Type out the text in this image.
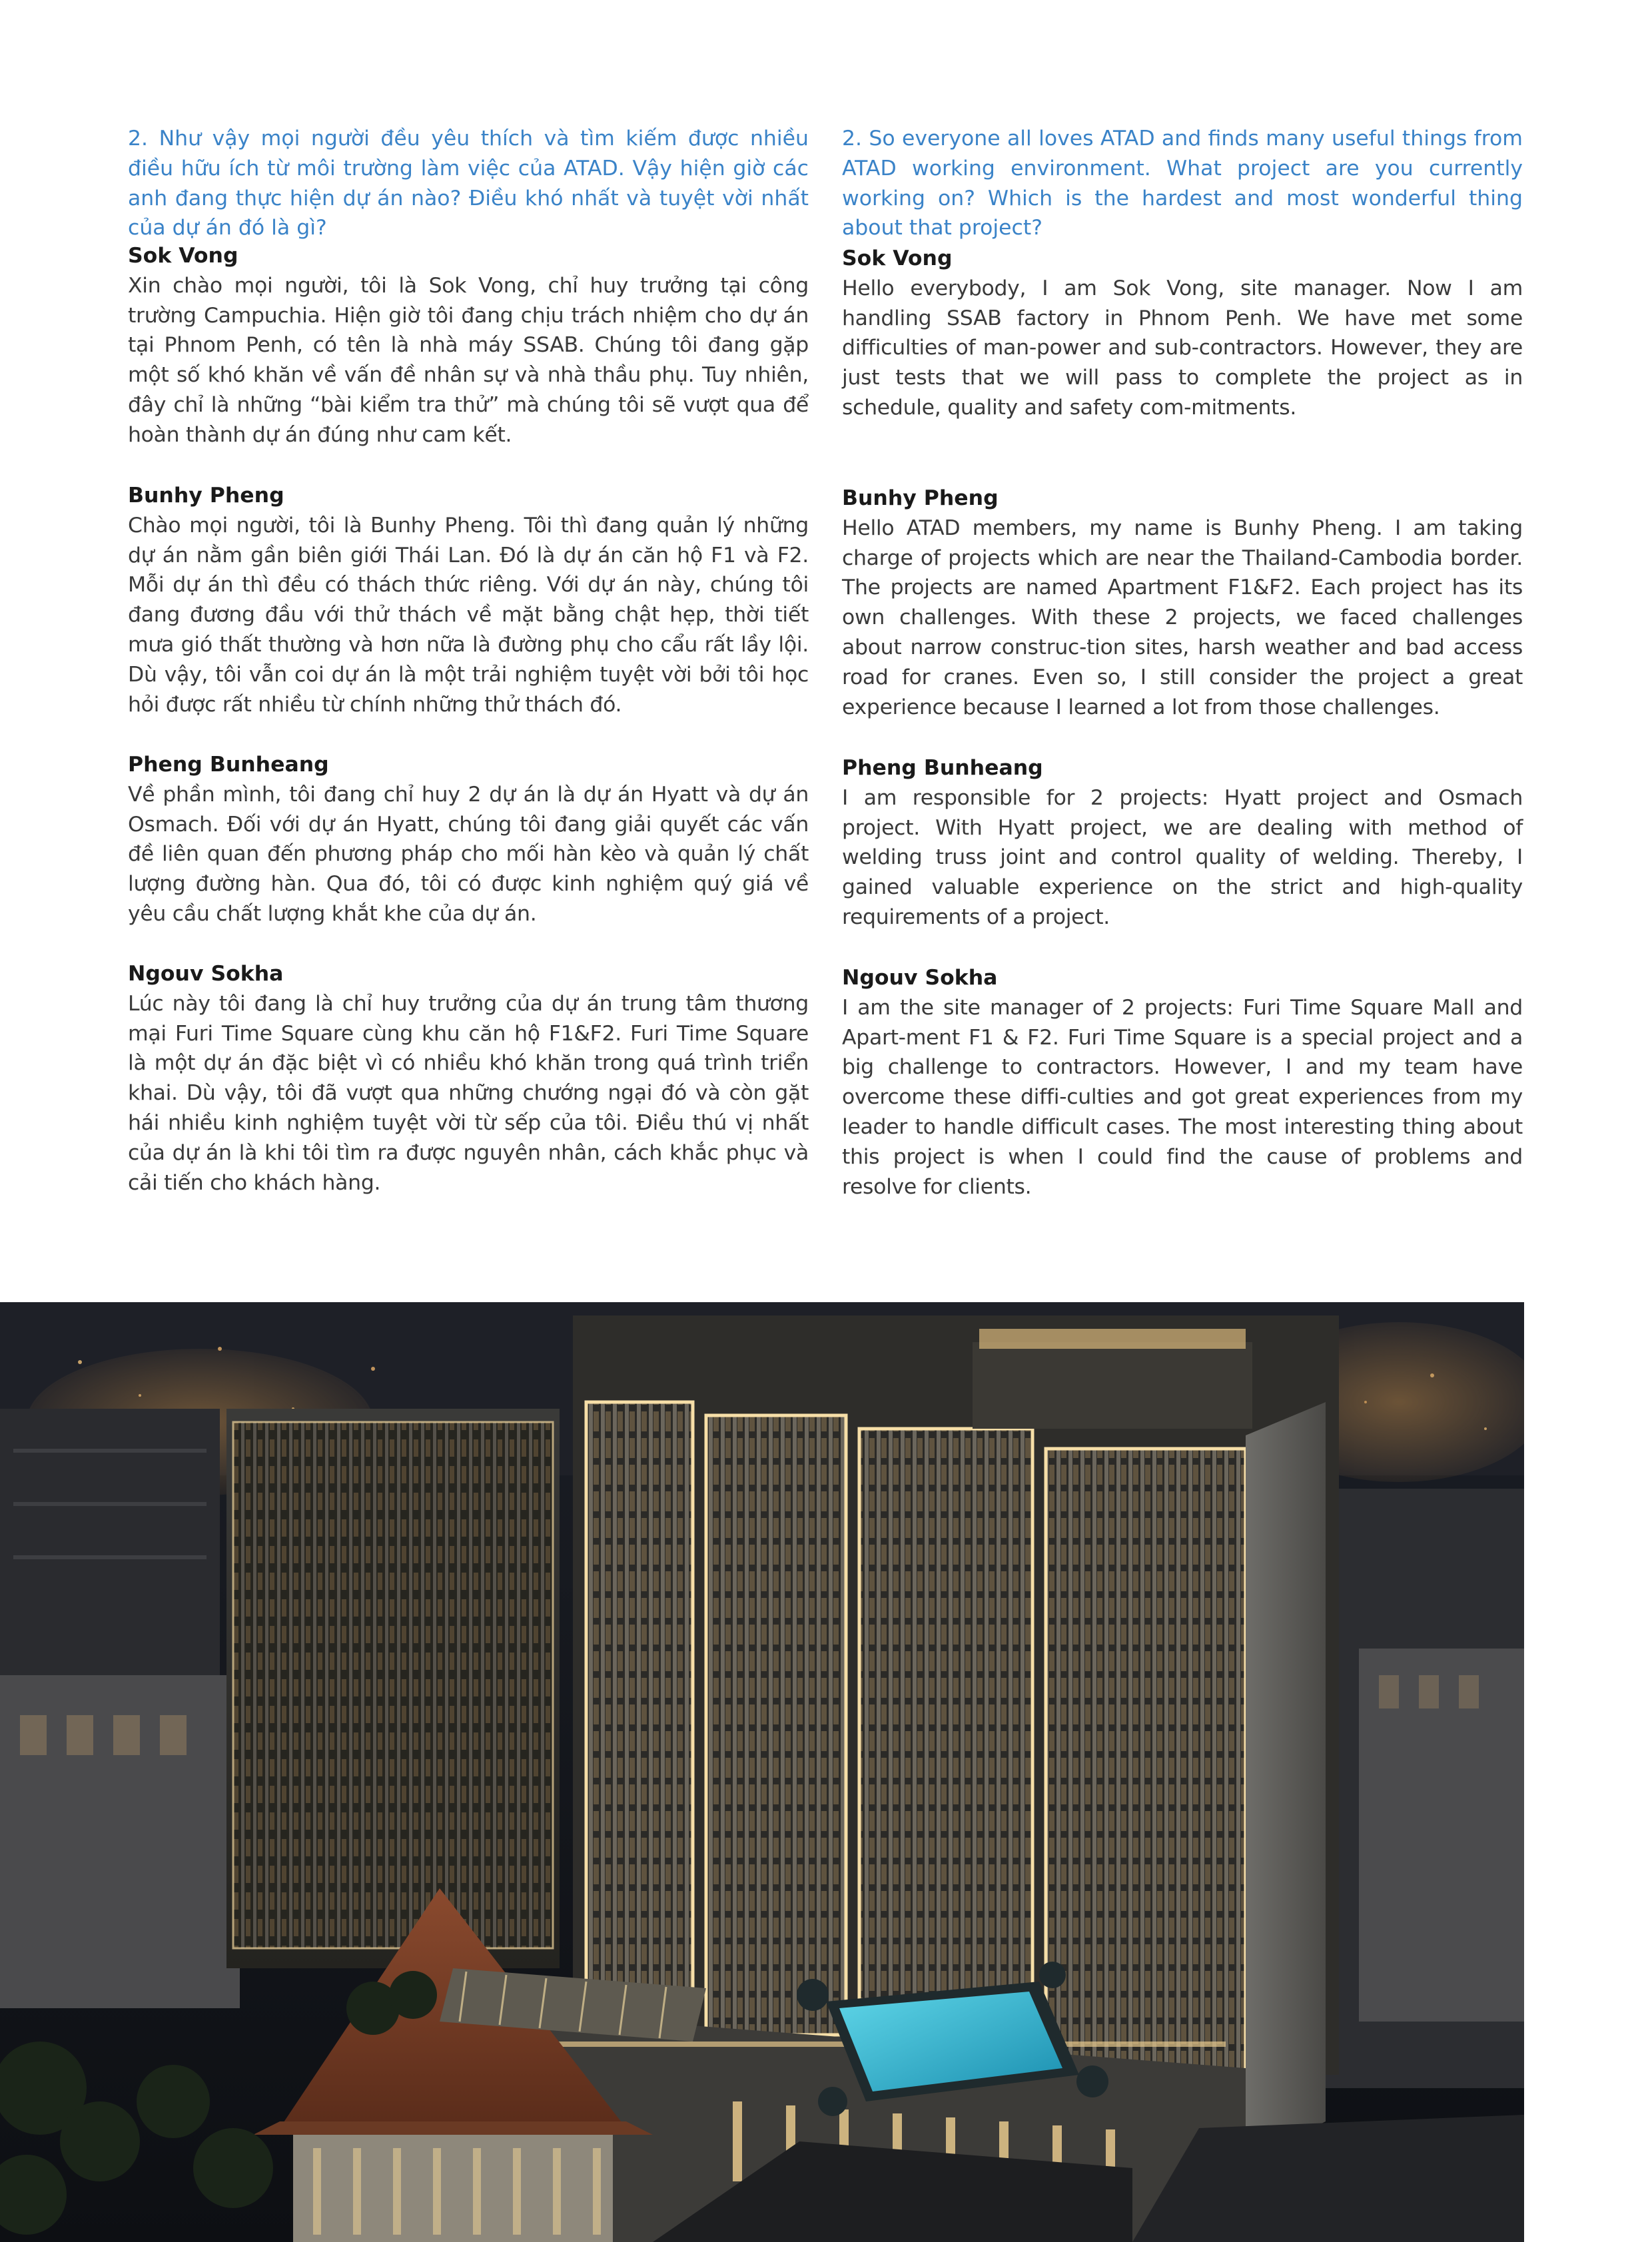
2. Như vậy mọi người đều yêu thích và tìm kiếm được nhiều điều hữu ích từ môi trường làm việc của ATAD. Vậy hiện giờ các anh đang thực hiện dự án nào? Điều khó nhất và tuyệt vời nhất của dự án đó là gì?

Sok Vong

Xin chào mọi người, tôi là Sok Vong, chỉ huy trưởng tại công trường Campuchia. Hiện giờ tôi đang chịu trách nhiệm cho dự án tại Phnom Penh, có tên là nhà máy SSAB. Chúng tôi đang gặp một số khó khăn về vấn đề nhân sự và nhà thầu phụ. Tuy nhiên, đây chỉ là những “bài kiểm tra thử” mà chúng tôi sẽ vượt qua để hoàn thành dự án đúng như cam kết.

Bunhy Pheng

Chào mọi người, tôi là Bunhy Pheng. Tôi thì đang quản lý những dự án nằm gần biên giới Thái Lan. Đó là dự án căn hộ F1 và F2. Mỗi dự án thì đều có thách thức riêng. Với dự án này, chúng tôi đang đương đầu với thử thách về mặt bằng chật hẹp, thời tiết mưa gió thất thường và hơn nữa là đường phụ cho cẩu rất lầy lội. Dù vậy, tôi vẫn coi dự án là một trải nghiệm tuyệt vời bởi tôi học hỏi được rất nhiều từ chính những thử thách đó.

Pheng Bunheang

Về phần mình, tôi đang chỉ huy 2 dự án là dự án Hyatt và dự án Osmach. Đối với dự án Hyatt, chúng tôi đang giải quyết các vấn đề liên quan đến phương pháp cho mối hàn kèo và quản lý chất lượng đường hàn. Qua đó, tôi có được kinh nghiệm quý giá về yêu cầu chất lượng khắt khe của dự án.

Ngouv Sokha

Lúc này tôi đang là chỉ huy trưởng của dự án trung tâm thương mại Furi Time Square cùng khu căn hộ F1&F2. Furi Time Square là một dự án đặc biệt vì có nhiều khó khăn trong quá trình triển khai. Dù vậy, tôi đã vượt qua những chướng ngại đó và còn gặt hái nhiều kinh nghiệm tuyệt vời từ sếp của tôi. Điều thú vị nhất của dự án là khi tôi tìm ra được nguyên nhân, cách khắc phục và cải tiến cho khách hàng.

2. So everyone all loves ATAD and finds many useful things from ATAD working environment. What project are you currently working on? Which is the hardest and most wonderful thing about that project?

Sok Vong

Hello everybody, I am Sok Vong, site manager. Now I am handling SSAB factory in Phnom Penh. We have met some difficulties of man-power and sub-contractors. However, they are just tests that we will pass to complete the project as in schedule, quality and safety com-mitments.

Bunhy Pheng

Hello ATAD members, my name is Bunhy Pheng. I am taking charge of projects which are near the Thailand-Cambodia border. The projects are named Apartment F1&F2. Each project has its own challenges. With these 2 projects, we faced challenges about narrow construc-tion sites, harsh weather and bad access road for cranes. Even so, I still consider the project a great experience because I learned a lot from those challenges.

Pheng Bunheang

I am responsible for 2 projects: Hyatt project and Osmach project. With Hyatt project, we are dealing with method of welding truss joint and control quality of welding. Thereby, I gained valuable experience on the strict and high-quality requirements of a project.

Ngouv Sokha

I am the site manager of 2 projects: Furi Time Square Mall and Apart-ment F1 & F2. Furi Time Square is a special project and a big challenge to contractors. However, I and my team have overcome these diffi-culties and got great experiences from my leader to handle difficult cases. The most interesting thing about this project is when I could find the cause of problems and resolve for clients.
